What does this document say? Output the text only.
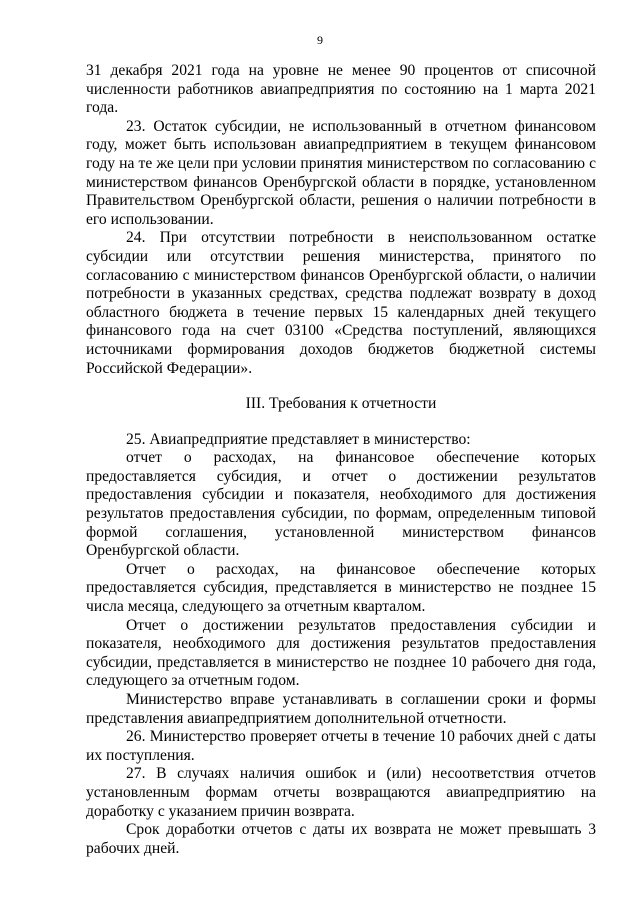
9

31 декабря 2021 года на уровне не менее 90 процентов от списочной численности работников авиапредприятия по состоянию на 1 марта 2021 года.

23. Остаток субсидии, не использованный в отчетном финансовом году, может быть использован авиапредприятием в текущем финансовом году на те же цели при условии принятия министерством по согласованию с министерством финансов Оренбургской области в порядке, установленном Правительством Оренбургской области, решения о наличии потребности в его использовании.

24. При отсутствии потребности в неиспользованном остатке субсидии или отсутствии решения министерства, принятого по согласованию с министерством финансов Оренбургской области, о наличии потребности в указанных средствах, средства подлежат возврату в доход областного бюджета в течение первых 15 календарных дней текущего финансового года на счет 03100 «Средства поступлений, являющихся источниками формирования доходов бюджетов бюджетной системы Российской Федерации».

III. Требования к отчетности

25. Авиапредприятие представляет в министерство:

отчет о расходах, на финансовое обеспечение которых предоставляется субсидия, и отчет о достижении результатов предоставления субсидии и показателя, необходимого для достижения результатов предоставления субсидии, по формам, определенным типовой формой соглашения, установленной министерством финансов Оренбургской области.

Отчет о расходах, на финансовое обеспечение которых предоставляется субсидия, представляется в министерство не позднее 15 числа месяца, следующего за отчетным кварталом.

Отчет о достижении результатов предоставления субсидии и показателя, необходимого для достижения результатов предоставления субсидии, представляется в министерство не позднее 10 рабочего дня года, следующего за отчетным годом.

Министерство вправе устанавливать в соглашении сроки и формы представления авиапредприятием дополнительной отчетности.

26. Министерство проверяет отчеты в течение 10 рабочих дней с даты их поступления.

27. В случаях наличия ошибок и (или) несоответствия отчетов установленным формам отчеты возвращаются авиапредприятию на доработку с указанием причин возврата.

Срок доработки отчетов с даты их возврата не может превышать 3 рабочих дней.
